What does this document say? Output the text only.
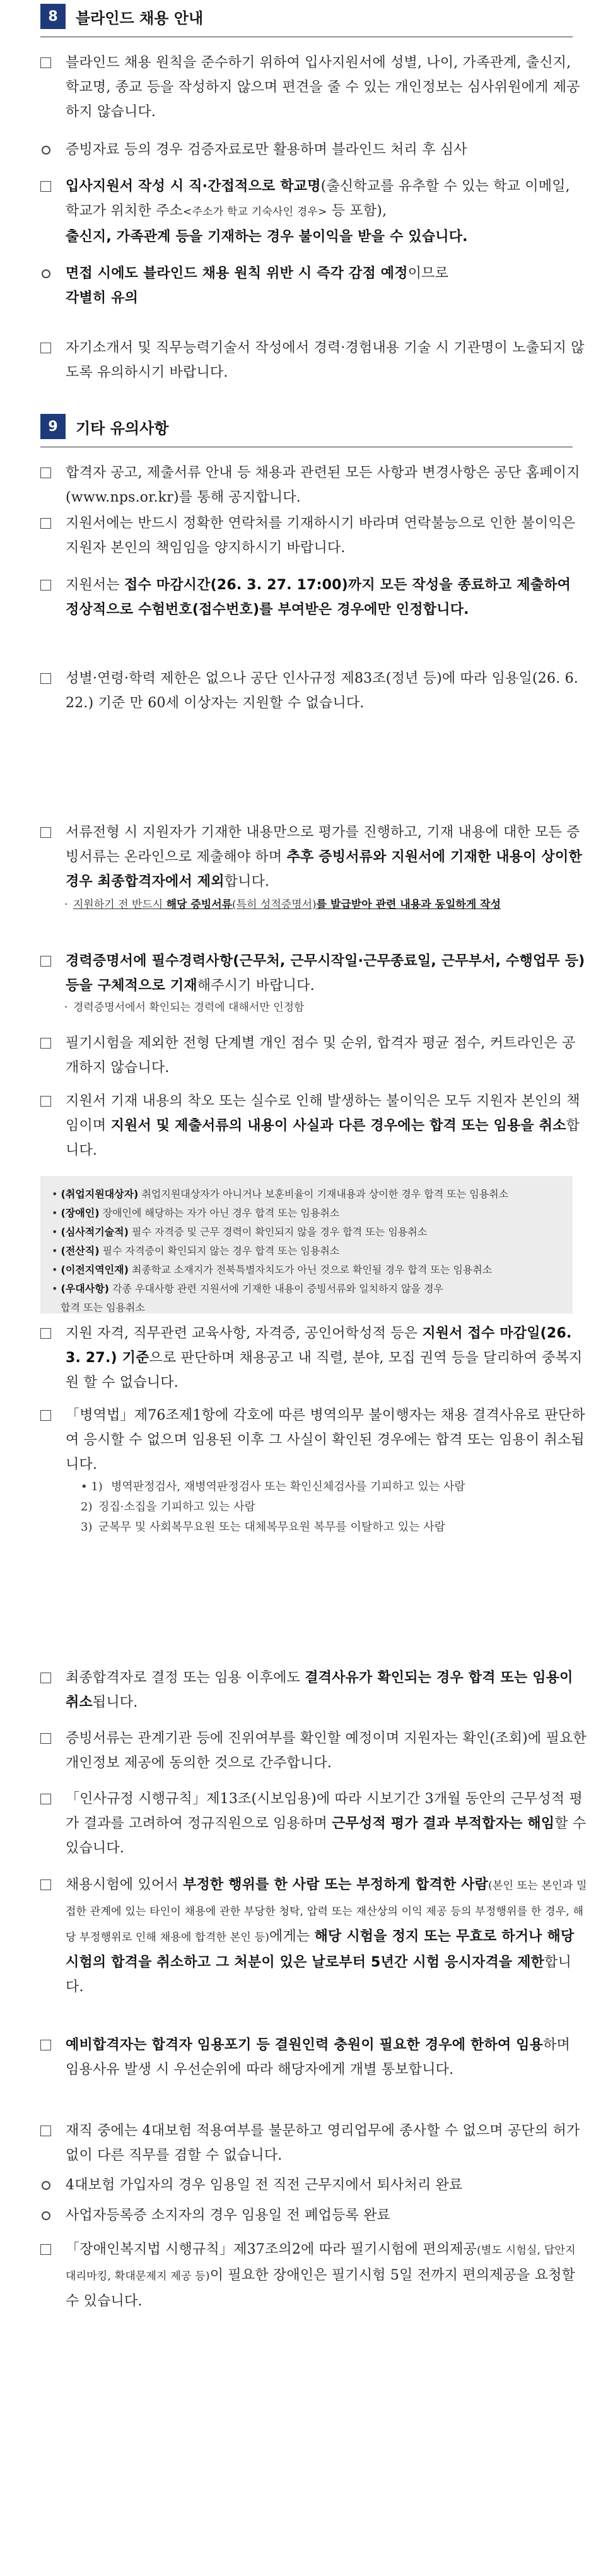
8	블라인드 채용 안내

블라인드 채용 원칙을 준수하기 위하여 입사지원서에 성별, 나이, 가족관계, 출신지, 학교명, 종교 등을 작성하지 않으며 편견을 줄 수 있는 개인정보는 심사위원에게 제공하지 않습니다.

증빙자료 등의 경우 검증자료로만 활용하며 블라인드 처리 후 심사

입사지원서 작성 시 직·간접적으로 학교명(출신학교를 유추할 수 있는 학교 이메일, 학교가 위치한 주소<주소가 학교 기숙사인 경우> 등 포함),
출신지, 가족관계 등을 기재하는 경우 불이익을 받을 수 있습니다.

면접 시에도 블라인드 채용 원칙 위반 시 즉각 감점 예정이므로
각별히 유의

자기소개서 및 직무능력기술서 작성에서 경력·경험내용 기술 시 기관명이 노출되지 않도록 유의하시기 바랍니다.

9	기타 유의사항

합격자 공고, 제출서류 안내 등 채용과 관련된 모든 사항과 변경사항은 공단 홈페이지(www.nps.or.kr)를 통해 공지합니다.

지원서에는 반드시 정확한 연락처를 기재하시기 바라며 연락불능으로 인한 불이익은 지원자 본인의 책임임을 양지하시기 바랍니다.

지원서는 접수 마감시간(26. 3. 27. 17:00)까지 모든 작성을 종료하고 제출하여 정상적으로 수험번호(접수번호)를 부여받은 경우에만 인정합니다.

성별·연령·학력 제한은 없으나 공단 인사규정 제83조(정년 등)에 따라 임용일(26. 6. 22.) 기준 만 60세 이상자는 지원할 수 없습니다.

서류전형 시 지원자가 기재한 내용만으로 평가를 진행하고, 기재 내용에 대한 모든 증빙서류는 온라인으로 제출해야 하며 추후 증빙서류와 지원서에 기재한 내용이 상이한 경우 최종합격자에서 제외합니다.

· 지원하기 전 반드시 해당 증빙서류(특히 성적증명서)를 발급받아 관련 내용과 동일하게 작성

경력증명서에 필수경력사항(근무처, 근무시작일·근무종료일, 근무부서, 수행업무 등) 등을 구체적으로 기재해주시기 바랍니다.

· 경력증명서에서 확인되는 경력에 대해서만 인정함

필기시험을 제외한 전형 단계별 개인 점수 및 순위, 합격자 평균 점수, 커트라인은 공개하지 않습니다.

지원서 기재 내용의 착오 또는 실수로 인해 발생하는 불이익은 모두 지원자 본인의 책임이며 지원서 및 제출서류의 내용이 사실과 다른 경우에는 합격 또는 임용을 취소합니다.

• (취업지원대상자) 취업지원대상자가 아니거나 보훈비율이 기재내용과 상이한 경우 합격 또는 임용취소
• (장애인) 장애인에 해당하는 자가 아닌 경우 합격 또는 임용취소
• (심사적기술적) 필수 자격증 및 근무 경력이 확인되지 않을 경우 합격 또는 임용취소
• (전산직) 필수 자격증이 확인되지 않는 경우 합격 또는 임용취소
• (이전지역인재) 최종학교 소재지가 전북특별자치도가 아닌 것으로 확인될 경우 합격 또는 임용취소
• (우대사항) 각종 우대사항 관련 지원서에 기재한 내용이 증빙서류와 일치하지 않을 경우
합격 또는 임용취소

지원 자격, 직무관련 교육사항, 자격증, 공인어학성적 등은 지원서 접수 마감일(26. 3. 27.) 기준으로 판단하며 채용공고 내 직렬, 분야, 모집 권역 등을 달리하여 중복지원 할 수 없습니다.

「병역법」제76조제1항에 각호에 따른 병역의무 불이행자는 채용 결격사유로 판단하여 응시할 수 없으며 임용된 이후 그 사실이 확인된 경우에는 합격 또는 임용이 취소됩니다.

• 1) 병역판정검사, 재병역판정검사 또는 확인신체검사를 기피하고 있는 사람
2) 징집·소집을 기피하고 있는 사람
3) 군복무 및 사회복무요원 또는 대체복무요원 복무를 이탈하고 있는 사람

최종합격자로 결정 또는 임용 이후에도 결격사유가 확인되는 경우 합격 또는 임용이 취소됩니다.

증빙서류는 관계기관 등에 진위여부를 확인할 예정이며 지원자는 확인(조회)에 필요한 개인정보 제공에 동의한 것으로 간주합니다.

「인사규정 시행규칙」제13조(시보임용)에 따라 시보기간 3개월 동안의 근무성적 평가 결과를 고려하여 정규직원으로 임용하며 근무성적 평가 결과 부적합자는 해임할 수 있습니다.

채용시험에 있어서 부정한 행위를 한 사람 또는 부정하게 합격한 사람(본인 또는 본인과 밀접한 관계에 있는 타인이 채용에 관한 부당한 청탁, 압력 또는 재산상의 이익 제공 등의 부정행위를 한 경우, 해당 부정행위로 인해 채용에 합격한 본인 등)에게는 해당 시험을 정지 또는 무효로 하거나 해당 시험의 합격을 취소하고 그 처분이 있은 날로부터 5년간 시험 응시자격을 제한합니다.

예비합격자는 합격자 임용포기 등 결원인력 충원이 필요한 경우에 한하여 임용하며 임용사유 발생 시 우선순위에 따라 해당자에게 개별 통보합니다.

재직 중에는 4대보험 적용여부를 불문하고 영리업무에 종사할 수 없으며 공단의 허가 없이 다른 직무를 겸할 수 없습니다.

4대보험 가입자의 경우 임용일 전 직전 근무지에서 퇴사처리 완료

사업자등록증 소지자의 경우 임용일 전 폐업등록 완료

「장애인복지법 시행규칙」제37조의2에 따라 필기시험에 편의제공(별도 시험실, 답안지 대리마킹, 확대문제지 제공 등)이 필요한 장애인은 필기시험 5일 전까지 편의제공을 요청할 수 있습니다.
